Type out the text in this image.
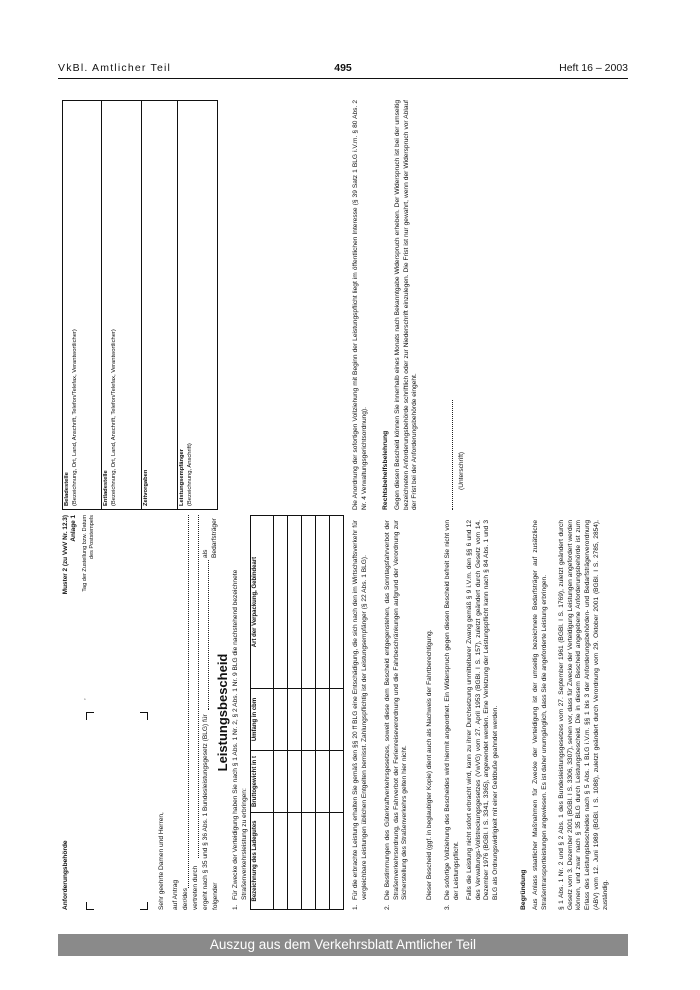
VkBl. Amtlicher Teil	495	Heft 16 – 2003
Anforderungsbehörde
Muster 2 (zu VwV Nr. 12.3) Anlage 1 Tag der Zustellung bzw. Datum des Poststempels
,
Sehr geehrte Damen und Herren, auf Antrag der/des vertreten durch ergeht nach § 35 und § 36 Abs. 1 Bundesleistungsgesetz (BLG) für
als Bedarfsträger
folgender
Leistungsbescheid
1.
Für Zwecke der Verteidigung haben Sie nach § 1 Abs. 1 Nr. 2, § 2 Abs. 1 Nr. 9 BLG die nachstehend bezeichnete Straßenverkehrsleistung zu erbringen: Bezeichnung des Ladegutes	Bruttogewicht in t	Umfang in cbm	Art der Verpackung, Gebindeart

1.
Für die erbrachte Leistung erhalten Sie gemäß den §§ 20 ff BLG eine Entschädigung, die sich nach den im Wirtschaftsverkehr für vergleichbare Leistungen üblichen Entgelten bemisst. Zahlungspflichtig ist der Leistungsempfänger (§ 22 Abs. 1 BLG).
2.
Die Bestimmungen des Güterkraftverkehrsgesetzes, soweit diese dem Bescheid entgegenstehen, das Sonntagsfahrverbot der Straßenverkehrsordnung, das Fahrverbot der Ferienreiseverordnung und die Fahrbeschränkungen aufgrund der Verordnung zur Sicherstellung des Straßenverkehrs gelten hier nicht.	Dieser Bescheid (ggf. in beglaubigter Kopie) dient auch als Nachweis der Fahrtberechtigung.
3.
Die sofortige Vollziehung des Bescheides wird hiermit angeordnet. Ein Widerspruch gegen diesen Bescheid befreit Sie nicht von der Leistungspflicht. Falls die Leistung nicht sofort erbracht wird, kann zu ihrer Durchsetzung unmittelbarer Zwang gemäß § 9 i.V.m. den §§ 6 und 12 des Verwaltungs-Vollstreckungsgesetzes (VwVG) vom 27. April 1953 (BGBl. I S. 157), zuletzt geändert durch Gesetz vom 14. Dezember 1976 (BGBl. I S. 3341, 3365), angewendet werden. Eine Verletzung der Leistungspflicht kann nach § 84 Abs. 1 und 3 BLG als Ordnungswidrigkeit mit einer Geldbuße geahndet werden.	Begründung Aus Anlass staatlicher Maßnahmen für Zwecke der Verteidigung ist der umseitig bezeichnete Bedarfsträger auf zusätzliche Straßentransportleistungen angewiesen. Es ist daher unumgänglich, dass Sie die angeforderte Leistung erbringen. § 1 Abs. 1 Nr. 2 und § 2 Abs. 1 des Bundesleistungsgesetzes vom 27. September 1961 (BGBl. I S. 1769), zuletzt geändert durch Gesetz vom 3. Dezember 2001 (BGBl. I S. 3306, 3307), sehen vor, dass für Zwecke der Verteidigung Leistungen angefordert werden können, und zwar nach § 35 BLG durch Leistungsbescheid. Die in diesem Bescheid angegebene Anforderungsbehörde ist zum Erlass des Leistungsbescheides nach § 5 Abs. 1 BLG i.V.m. §§ 1 bis 3 der Anforderungsbehörden- und Bedarfsträgerverordnung (ABV) vom 12. Juni 1989 (BGBl. I S. 1088), zuletzt geändert durch Verordnung vom 29. Oktober 2001 (BGBl. I S. 2785, 2854), zuständig.
Die Anordnung der sofortigen Vollziehung mit Beginn der Leistungspflicht liegt im öffentlichen Interesse (§ 39 Satz 1 BLG i.V.m. § 80 Abs. 2 Nr. 4 Verwaltungsgerichtsordnung). Rechtsbehelfsbelehrung Gegen diesen Bescheid können Sie innerhalb eines Monats nach Bekanntgabe Widerspruch erheben. Der Widerspruch ist bei der umseitig bezeichneten Anforderungsbehörde schriftlich oder zur Niederschrift einzulegen. Die Frist ist nur gewahrt, wenn der Widerspruch vor Ablauf der Frist bei der Anforderungsbehörde eingeht.	(Unterschrift)
Beladestelle (Bezeichnung, Ort, Land, Anschrift, Telefon/Telefax, Verantwortlicher)	Entladestelle (Bezeichnung, Ort, Land, Anschrift, Telefon/Telefax, Verantwortlicher)	Zeitvorgaben	Leistungsempfänger (Bezeichnung, Anschrift)
Auszug aus dem Verkehrsblatt Amtlicher Teil
